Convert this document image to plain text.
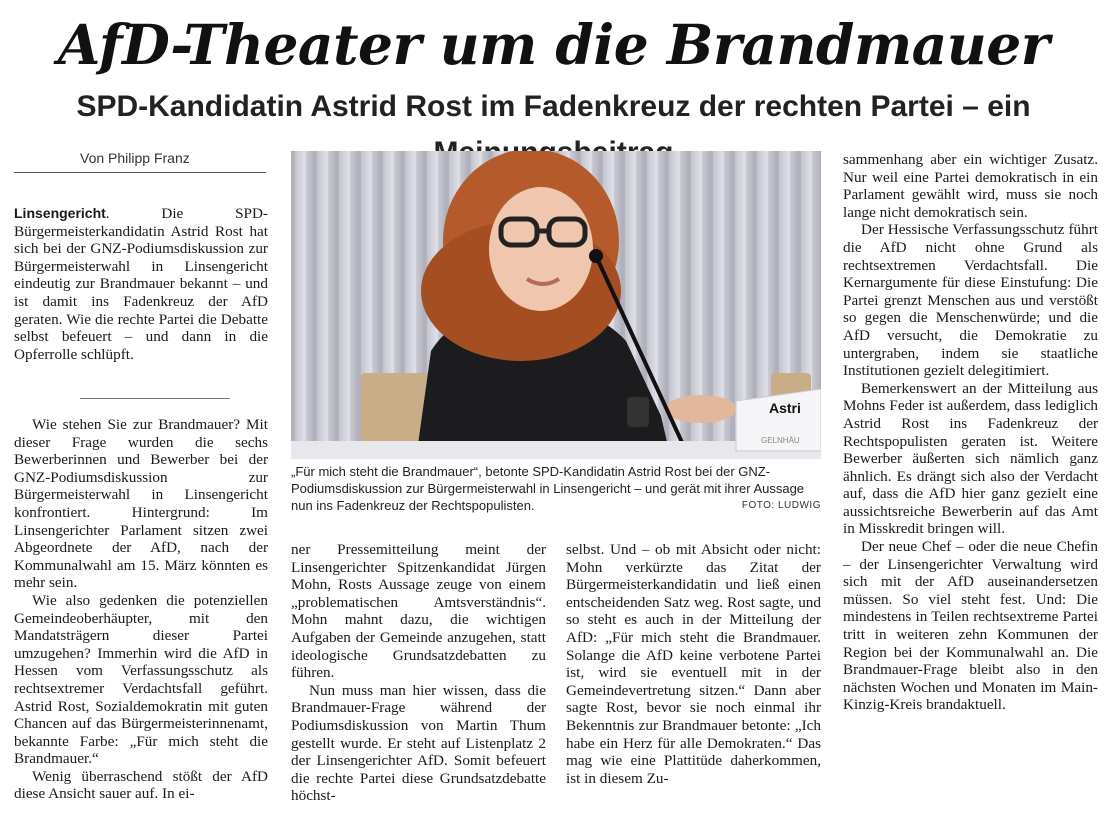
AfD-Theater um die Brandmauer
SPD-Kandidatin Astrid Rost im Fadenkreuz der rechten Partei – ein
Von Philipp Franz
Linsengericht. Die SPD-Bürgermeisterkandidatin Astrid Rost hat sich bei der GNZ-Podiumsdiskussion zur Bürgermeisterwahl in Linsengericht eindeutig zur Brandmauer bekannt – und ist damit ins Fadenkreuz der AfD geraten. Wie die rechte Partei die Debatte selbst befeuert – und dann in die Opferrolle schlüpft.
Astri
GELNHÄU
„Für mich steht die Brandmauer“, betonte SPD-Kandidatin Astrid Rost bei der GNZ-Podiumsdiskussion zur Bürgermeisterwahl in Linsengericht – und gerät mit ihrer Aussage nun ins Fadenkreuz der Rechtspopulisten.	FOTO: LUDWIG

Wie stehen Sie zur Brandmauer? Mit dieser Frage wurden die sechs Bewerberinnen und Bewerber bei der GNZ-Podiumsdiskussion zur Bürgermeisterwahl in Linsengericht konfrontiert. Hintergrund: Im Linsengerichter Parlament sitzen zwei Abgeordnete der AfD, nach der Kommunalwahl am 15. März könnten es mehr sein.

Wie also gedenken die potenziellen Gemeindeoberhäupter, mit den Mandatsträgern dieser Partei umzugehen? Immerhin wird die AfD in Hessen vom Verfassungsschutz als rechtsextremer Verdachtsfall geführt. Astrid Rost, Sozialdemokratin mit guten Chancen auf das Bürgermeisterinnenamt, bekannte Farbe: „Für mich steht die Brandmauer.“

Wenig überraschend stößt der AfD diese Ansicht sauer auf. In ei-

ner Pressemitteilung meint der Linsengerichter Spitzenkandidat Jürgen Mohn, Rosts Aussage zeuge von einem „problematischen Amtsverständnis“. Mohn mahnt dazu, die wichtigen Aufgaben der Gemeinde anzugehen, statt ideologische Grundsatzdebatten zu führen.

Nun muss man hier wissen, dass die Brandmauer-Frage während der Podiumsdiskussion von Martin Thum gestellt wurde. Er steht auf Listenplatz 2 der Linsengerichter AfD. Somit befeuert die rechte Partei diese Grundsatzdebatte höchst-

selbst. Und – ob mit Absicht oder nicht: Mohn verkürzte das Zitat der Bürgermeisterkandidatin und ließ einen entscheidenden Satz weg. Rost sagte, und so steht es auch in der Mitteilung der AfD: „Für mich steht die Brandmauer. Solange die AfD keine verbotene Partei ist, wird sie eventuell mit in der Gemeindevertretung sitzen.“ Dann aber sagte Rost, bevor sie noch einmal ihr Bekenntnis zur Brandmauer betonte: „Ich habe ein Herz für alle Demokraten.“ Das mag wie eine Plattitüde daherkommen, ist in diesem Zu-

sammenhang aber ein wichtiger Zusatz. Nur weil eine Partei demokratisch in ein Parlament gewählt wird, muss sie noch lange nicht demokratisch sein.

Der Hessische Verfassungsschutz führt die AfD nicht ohne Grund als rechtsextremen Verdachtsfall. Die Kernargumente für diese Einstufung: Die Partei grenzt Menschen aus und verstößt so gegen die Menschenwürde; und die AfD versucht, die Demokratie zu untergraben, indem sie staatliche Institutionen gezielt delegitimiert.

Bemerkenswert an der Mitteilung aus Mohns Feder ist außerdem, dass lediglich Astrid Rost ins Fadenkreuz der Rechtspopulisten geraten ist. Weitere Bewerber äußerten sich nämlich ganz ähnlich. Es drängt sich also der Verdacht auf, dass die AfD hier ganz gezielt eine aussichtsreiche Bewerberin auf das Amt in Misskredit bringen will.

Der neue Chef – oder die neue Chefin – der Linsengerichter Verwaltung wird sich mit der AfD auseinandersetzen müssen. So viel steht fest. Und: Die mindestens in Teilen rechtsextreme Partei tritt in weiteren zehn Kommunen der Region bei der Kommunalwahl an. Die Brandmauer-Frage bleibt also in den nächsten Wochen und Monaten im Main-Kinzig-Kreis brandaktuell.
